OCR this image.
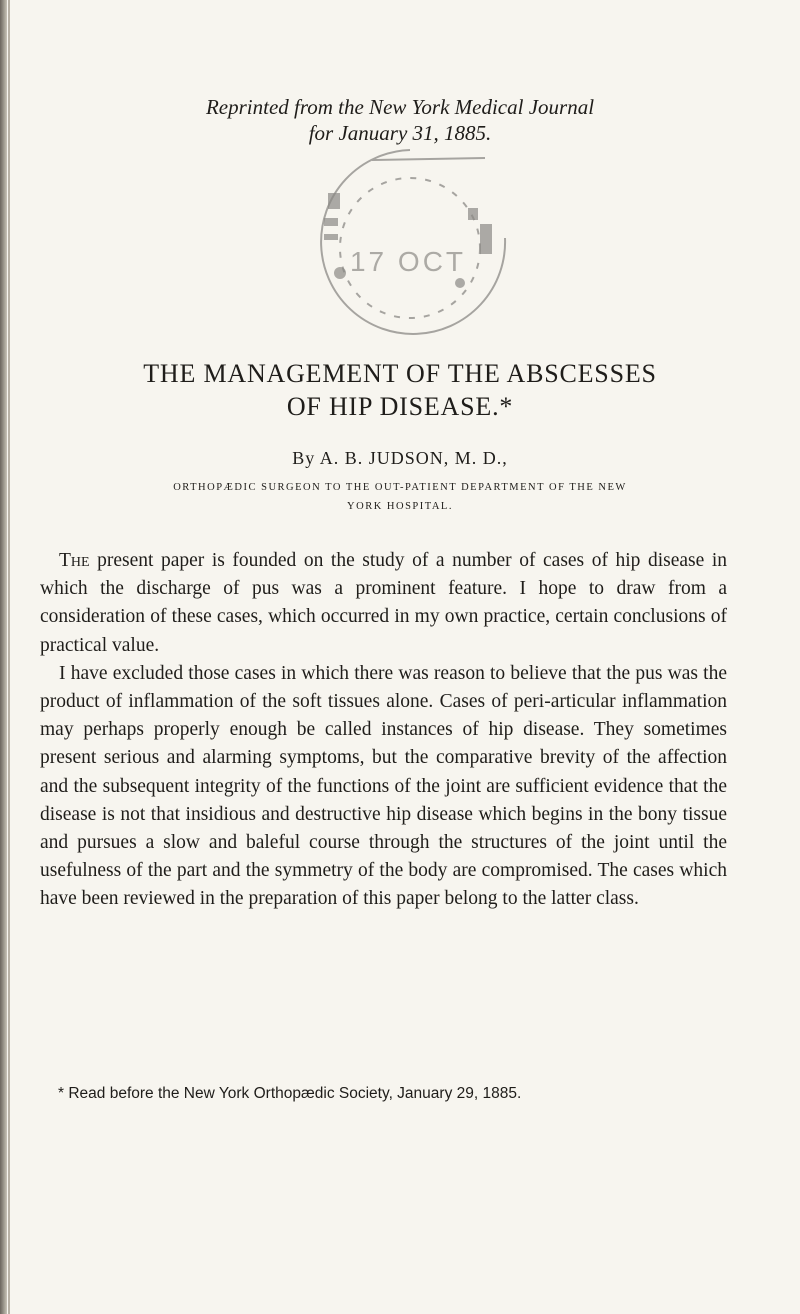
Reprinted from the New York Medical Journal
for January 31, 1885.
17 OCT
THE MANAGEMENT OF THE ABSCESSES
OF HIP DISEASE.*
By A. B. JUDSON, M. D.,
ORTHOPÆDIC SURGEON TO THE OUT-PATIENT DEPARTMENT OF THE NEW
YORK HOSPITAL.

The present paper is founded on the study of a number of cases of hip disease in which the discharge of pus was a prominent feature. I hope to draw from a consideration of these cases, which occurred in my own practice, certain conclusions of practical value.

I have excluded those cases in which there was reason to believe that the pus was the product of inflammation of the soft tissues alone. Cases of peri-articular inflammation may perhaps properly enough be called instances of hip disease. They sometimes present serious and alarming symptoms, but the comparative brevity of the affection and the subsequent integrity of the functions of the joint are sufficient evidence that the disease is not that insidious and destructive hip disease which begins in the bony tissue and pursues a slow and baleful course through the structures of the joint until the usefulness of the part and the symmetry of the body are compromised. The cases which have been reviewed in the preparation of this paper belong to the latter class.

* Read before the New York Orthopædic Society, January 29, 1885.
